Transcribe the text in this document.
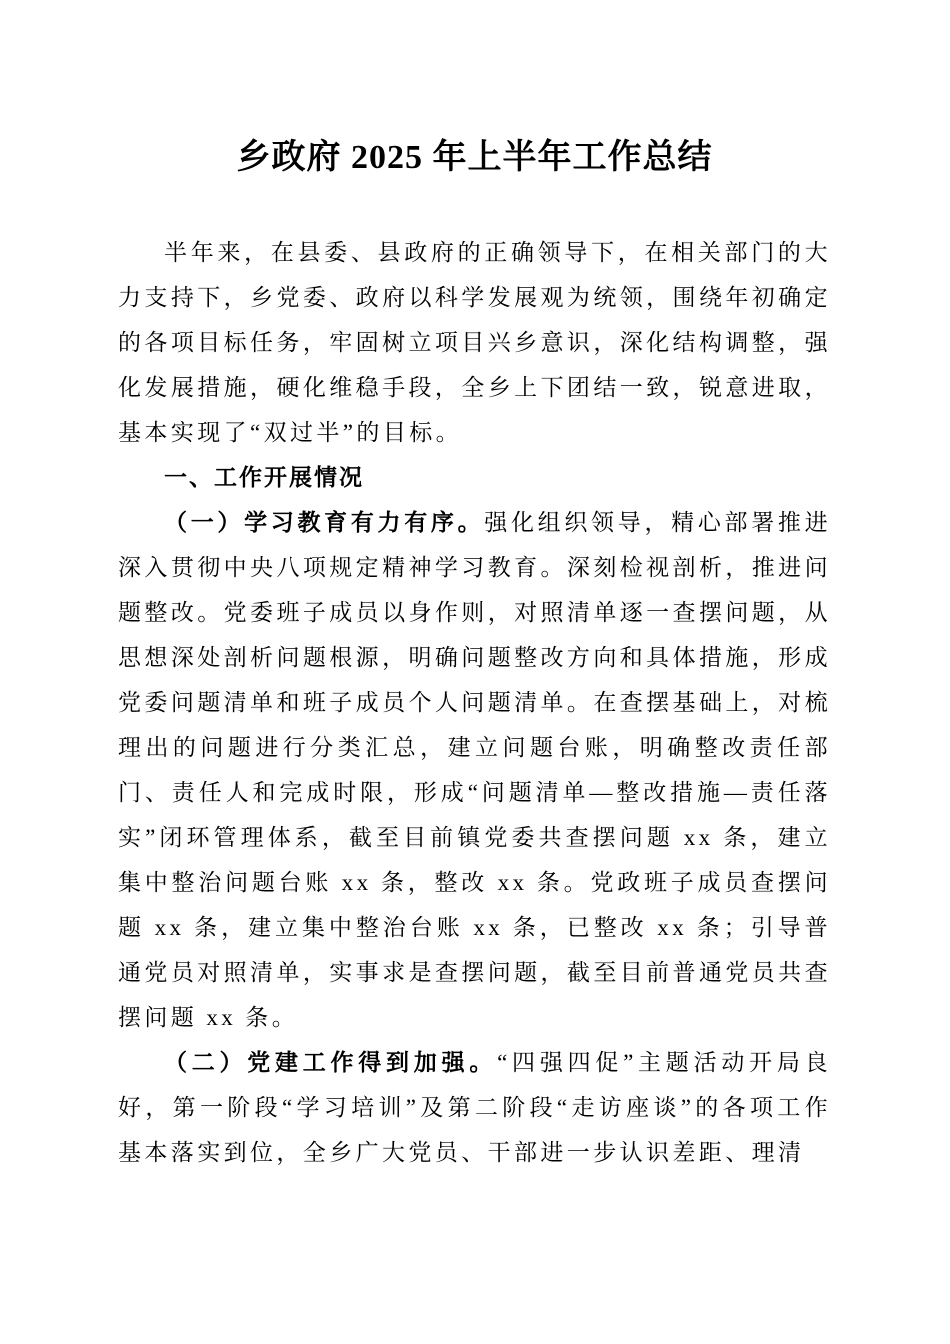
乡政府 2025 年上半年工作总结

半年来，在县委、县政府的正确领导下，在相关部门的大力支持下，乡党委、政府以科学发展观为统领，围绕年初确定的各项目标任务，牢固树立项目兴乡意识，深化结构调整，强化发展措施，硬化维稳手段，全乡上下团结一致，锐意进取，基本实现了“双过半”的目标。

一、工作开展情况

（一）学习教育有力有序。强化组织领导，精心部署推进深入贯彻中央八项规定精神学习教育。深刻检视剖析，推进问题整改。党委班子成员以身作则，对照清单逐一查摆问题，从思想深处剖析问题根源，明确问题整改方向和具体措施，形成党委问题清单和班子成员个人问题清单。在查摆基础上，对梳理出的问题进行分类汇总，建立问题台账，明确整改责任部门、责任人和完成时限，形成“问题清单—整改措施—责任落实”闭环管理体系，截至目前镇党委共查摆问题 xx 条，建立集中整治问题台账 xx 条，整改 xx 条。党政班子成员查摆问题 xx 条，建立集中整治台账 xx 条，已整改 xx 条；引导普通党员对照清单，实事求是查摆问题，截至目前普通党员共查摆问题 xx 条。

（二）党建工作得到加强。“四强四促”主题活动开局良好，第一阶段“学习培训”及第二阶段“走访座谈”的各项工作基本落实到位，全乡广大党员、干部进一步认识差距、理清
